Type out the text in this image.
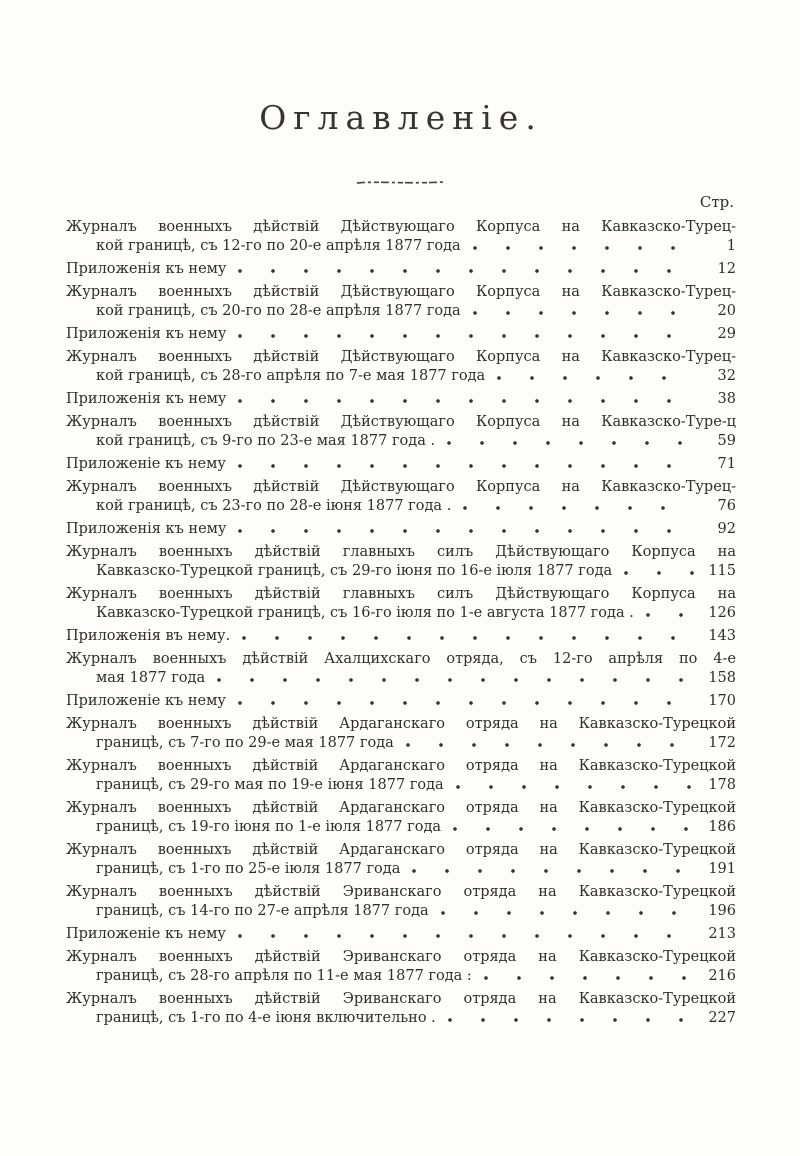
Оглавленіе.
Стр.
Журналъ военныхъ дѣйствій Дѣйствующаго Корпуса на Кавказско-Турец-
кой границѣ, съ 12-го по 20-е апрѣля 1877 года	1
Приложенія къ нему	12
Журналъ военныхъ дѣйствій Дѣйствующаго Корпуса на Кавказско-Турец-
кой границѣ, съ 20-го по 28-е апрѣля 1877 года	20
Приложенія къ нему	29
Журналъ военныхъ дѣйствій Дѣйствующаго Корпуса на Кавказско-Турец-
кой границѣ, съ 28-го апрѣля по 7-е мая 1877 года	32
Приложенія къ нему	38
Журналъ военныхъ дѣйствій Дѣйствующаго Корпуса на Кавказско-Туре-ц
кой границѣ, съ 9-го по 23-е мая 1877 года .	59
Приложеніе къ нему	71
Журналъ военныхъ дѣйствій Дѣйствующаго Корпуса на Кавказско-Турец-
кой границѣ, съ 23-го по 28-е іюня 1877 года .	76
Приложенія къ нему	92
Журналъ военныхъ дѣйствій главныхъ силъ Дѣйствующаго Корпуса на
Кавказско-Турецкой границѣ, съ 29-го іюня по 16-е іюля 1877 года	115
Журналъ военныхъ дѣйствій главныхъ силъ Дѣйствующаго Корпуса на
Кавказско-Турецкой границѣ, съ 16-го іюля по 1-е августа 1877 года .	126
Приложенія въ нему.	143
Журналъ военныхъ дѣйствій Ахалцихскаго отряда, съ 12-го апрѣля по 4-е
мая 1877 года	158
Приложеніе къ нему	170
Журналъ военныхъ дѣйствій Ардаганскаго отряда на Кавказско-Турецкой
границѣ, съ 7-го по 29-е мая 1877 года	172
Журналъ военныхъ дѣйствій Ардаганскаго отряда на Кавказско-Турецкой
границѣ, съ 29-го мая по 19-е іюня 1877 года	178
Журналъ военныхъ дѣйствій Ардаганскаго отряда на Кавказско-Турецкой
границѣ, съ 19-го іюня по 1-е іюля 1877 года	186
Журналъ военныхъ дѣйствій Ардаганскаго отряда на Кавказско-Турецкой
границѣ, съ 1-го по 25-е іюля 1877 года	191
Журналъ военныхъ дѣйствій Эриванскаго отряда на Кавказско-Турецкой
границѣ, съ 14-го по 27-е апрѣля 1877 года	196
Приложеніе къ нему	213
Журналъ военныхъ дѣйствій Эриванскаго отряда на Кавказско-Турецкой
границѣ, съ 28-го апрѣля по 11-е мая 1877 года :	216
Журналъ военныхъ дѣйствій Эриванскаго отряда на Кавказско-Турецкой
границѣ, съ 1-го по 4-е іюня включительно .	227
